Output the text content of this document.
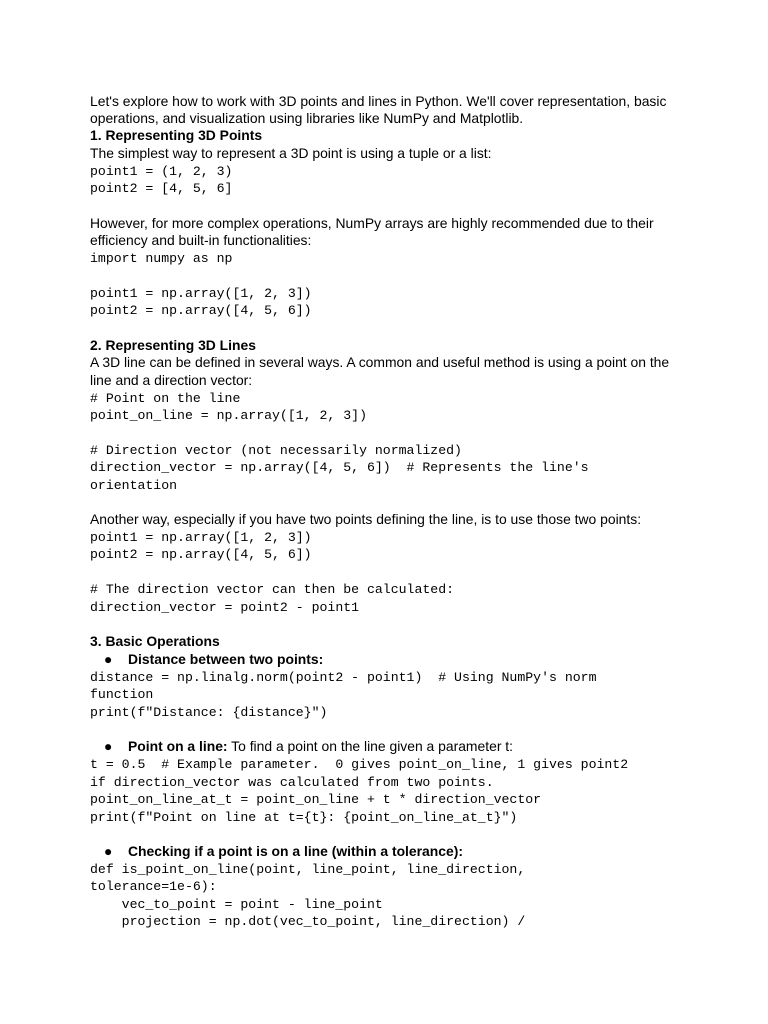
Let's explore how to work with 3D points and lines in Python. We'll cover representation, basic
operations, and visualization using libraries like NumPy and Matplotlib.
1. Representing 3D Points
The simplest way to represent a 3D point is using a tuple or a list:
point1 = (1, 2, 3)
point2 = [4, 5, 6]
However, for more complex operations, NumPy arrays are highly recommended due to their
efficiency and built-in functionalities:
import numpy as np
point1 = np.array([1, 2, 3])
point2 = np.array([4, 5, 6])
2. Representing 3D Lines
A 3D line can be defined in several ways. A common and useful method is using a point on the
line and a direction vector:
# Point on the line
point_on_line = np.array([1, 2, 3])
# Direction vector (not necessarily normalized)
direction_vector = np.array([4, 5, 6])  # Represents the line's
orientation
Another way, especially if you have two points defining the line, is to use those two points:
point1 = np.array([1, 2, 3])
point2 = np.array([4, 5, 6])
# The direction vector can then be calculated:
direction_vector = point2 - point1
3. Basic Operations
● Distance between two points:
distance = np.linalg.norm(point2 - point1)  # Using NumPy's norm
function
print(f"Distance: {distance}")
● Point on a line: To find a point on the line given a parameter t:
t = 0.5  # Example parameter.  0 gives point_on_line, 1 gives point2
if direction_vector was calculated from two points.
point_on_line_at_t = point_on_line + t * direction_vector
print(f"Point on line at t={t}: {point_on_line_at_t}")
● Checking if a point is on a line (within a tolerance):
def is_point_on_line(point, line_point, line_direction,
tolerance=1e-6):
vec_to_point = point - line_point
projection = np.dot(vec_to_point, line_direction) /
